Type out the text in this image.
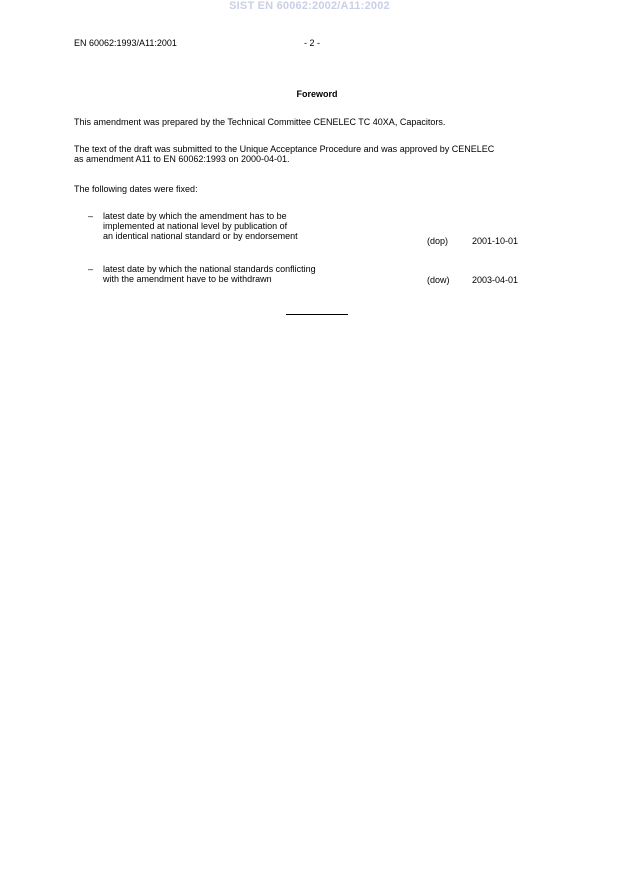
SIST EN 60062:2002/A11:2002
EN 60062:1993/A11:2001	- 2 -
Foreword
This amendment was prepared by the Technical Committee CENELEC TC 40XA, Capacitors.
The text of the draft was submitted to the Unique Acceptance Procedure and was approved by CENELEC
as amendment A11 to EN 60062:1993 on 2000-04-01.
The following dates were fixed:
– latest date by which the amendment has to be
implemented at national level by publication of
an identical national standard or by endorsement	(dop)	2001-10-01
– latest date by which the national standards conflicting
with the amendment have to be withdrawn	(dow) 2003-04-01
